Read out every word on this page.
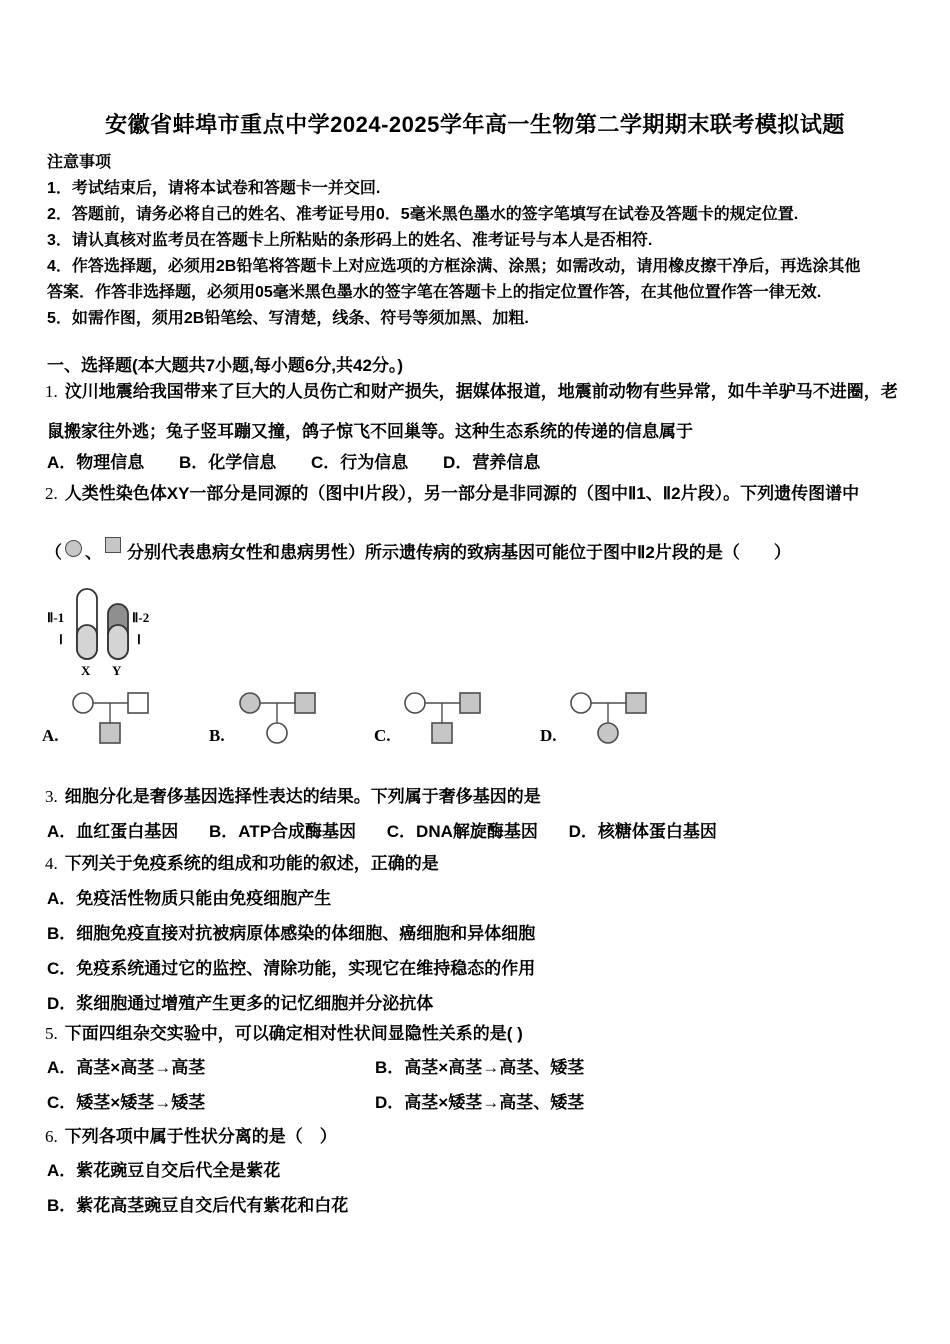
安徽省蚌埠市重点中学2024-2025学年高一生物第二学期期末联考模拟试题
注意事项
1．考试结束后，请将本试卷和答题卡一并交回.
2．答题前，请务必将自己的姓名、准考证号用0．5毫米黑色墨水的签字笔填写在试卷及答题卡的规定位置.
3．请认真核对监考员在答题卡上所粘贴的条形码上的姓名、准考证号与本人是否相符.
4．作答选择题，必须用2B铅笔将答题卡上对应选项的方框涂满、涂黑；如需改动，请用橡皮擦干净后，再选涂其他
答案．作答非选择题，必须用05毫米黑色墨水的签字笔在答题卡上的指定位置作答，在其他位置作答一律无效.
5．如需作图，须用2B铅笔绘、写清楚，线条、符号等须加黑、加粗.
一、选择题(本大题共7小题,每小题6分,共42分。)
1. 汶川地震给我国带来了巨大的人员伤亡和财产损失，据媒体报道，地震前动物有些异常，如牛羊驴马不进圈，老
鼠搬家往外逃；兔子竖耳蹦又撞，鸽子惊飞不回巢等。这种生态系统的传递的信息属于
A．物理信息 B．化学信息 C．行为信息 D．营养信息
2. 人类性染色体XY一部分是同源的（图中Ⅰ片段），另一部分是非同源的（图中Ⅱ1、Ⅱ2片段）。下列遗传图谱中
（ 、 分别代表患病女性和患病男性）所示遗传病的致病基因可能位于图中Ⅱ2片段的是（　　）
Ⅱ-1
Ⅰ
Ⅱ-2
Ⅰ
X Y
A.	B.	C.	D.
3. 细胞分化是奢侈基因选择性表达的结果。下列属于奢侈基因的是
A．血红蛋白基因 B．ATP合成酶基因 C．DNA解旋酶基因 D．核糖体蛋白基因
4. 下列关于免疫系统的组成和功能的叙述，正确的是
A．免疫活性物质只能由免疫细胞产生
B．细胞免疫直接对抗被病原体感染的体细胞、癌细胞和异体细胞
C．免疫系统通过它的监控、清除功能，实现它在维持稳态的作用
D．浆细胞通过增殖产生更多的记忆细胞并分泌抗体
5. 下面四组杂交实验中，可以确定相对性状间显隐性关系的是( )
A．高茎×高茎→高茎	B．高茎×高茎→高茎、矮茎
C．矮茎×矮茎→矮茎	D．高茎×矮茎→高茎、矮茎
6. 下列各项中属于性状分离的是（　）
A．紫花豌豆自交后代全是紫花
B．紫花高茎豌豆自交后代有紫花和白花
